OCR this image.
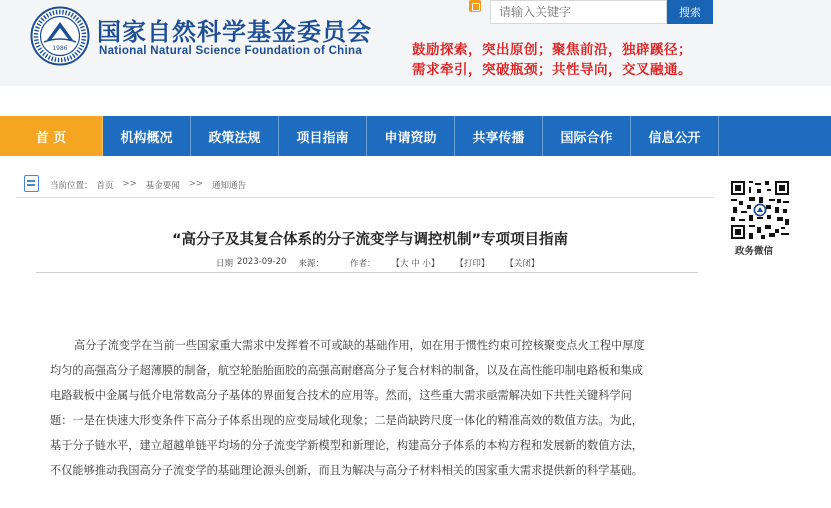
1986
国家自然科学基金委员会
National Natural Science Foundation of China
请输入关键字
搜索
鼓励探索，突出原创；聚焦前沿，独辟蹊径；
需求牵引，突破瓶颈；共性导向，交叉融通。
首 页	机构概况	政策法规	项目指南	申请资助	共享传播	国际合作	信息公开
当前位置： 首页 >> 基金要闻 >> 通知通告
政务微信
“高分子及其复合体系的分子流变学与调控机制”专项项目指南
日期 2023-09-20 来源：	作者： 【大 中 小】 【打印】 【关闭】
高分子流变学在当前一些国家重大需求中发挥着不可或缺的基础作用，如在用于惯性约束可控核聚变点火工程中厚度
均匀的高强高分子超薄膜的制备，航空轮胎胎面胶的高强高耐磨高分子复合材料的制备，以及在高性能印制电路板和集成
电路载板中金属与低介电常数高分子基体的界面复合技术的应用等。然而，这些重大需求亟需解决如下共性关键科学问
题：一是在快速大形变条件下高分子体系出现的应变局域化现象；二是尚缺跨尺度一体化的精准高效的数值方法。为此，
基于分子链水平，建立超越单链平均场的分子流变学新模型和新理论，构建高分子体系的本构方程和发展新的数值方法，
不仅能够推动我国高分子流变学的基础理论源头创新，而且为解决与高分子材料相关的国家重大需求提供新的科学基础。
